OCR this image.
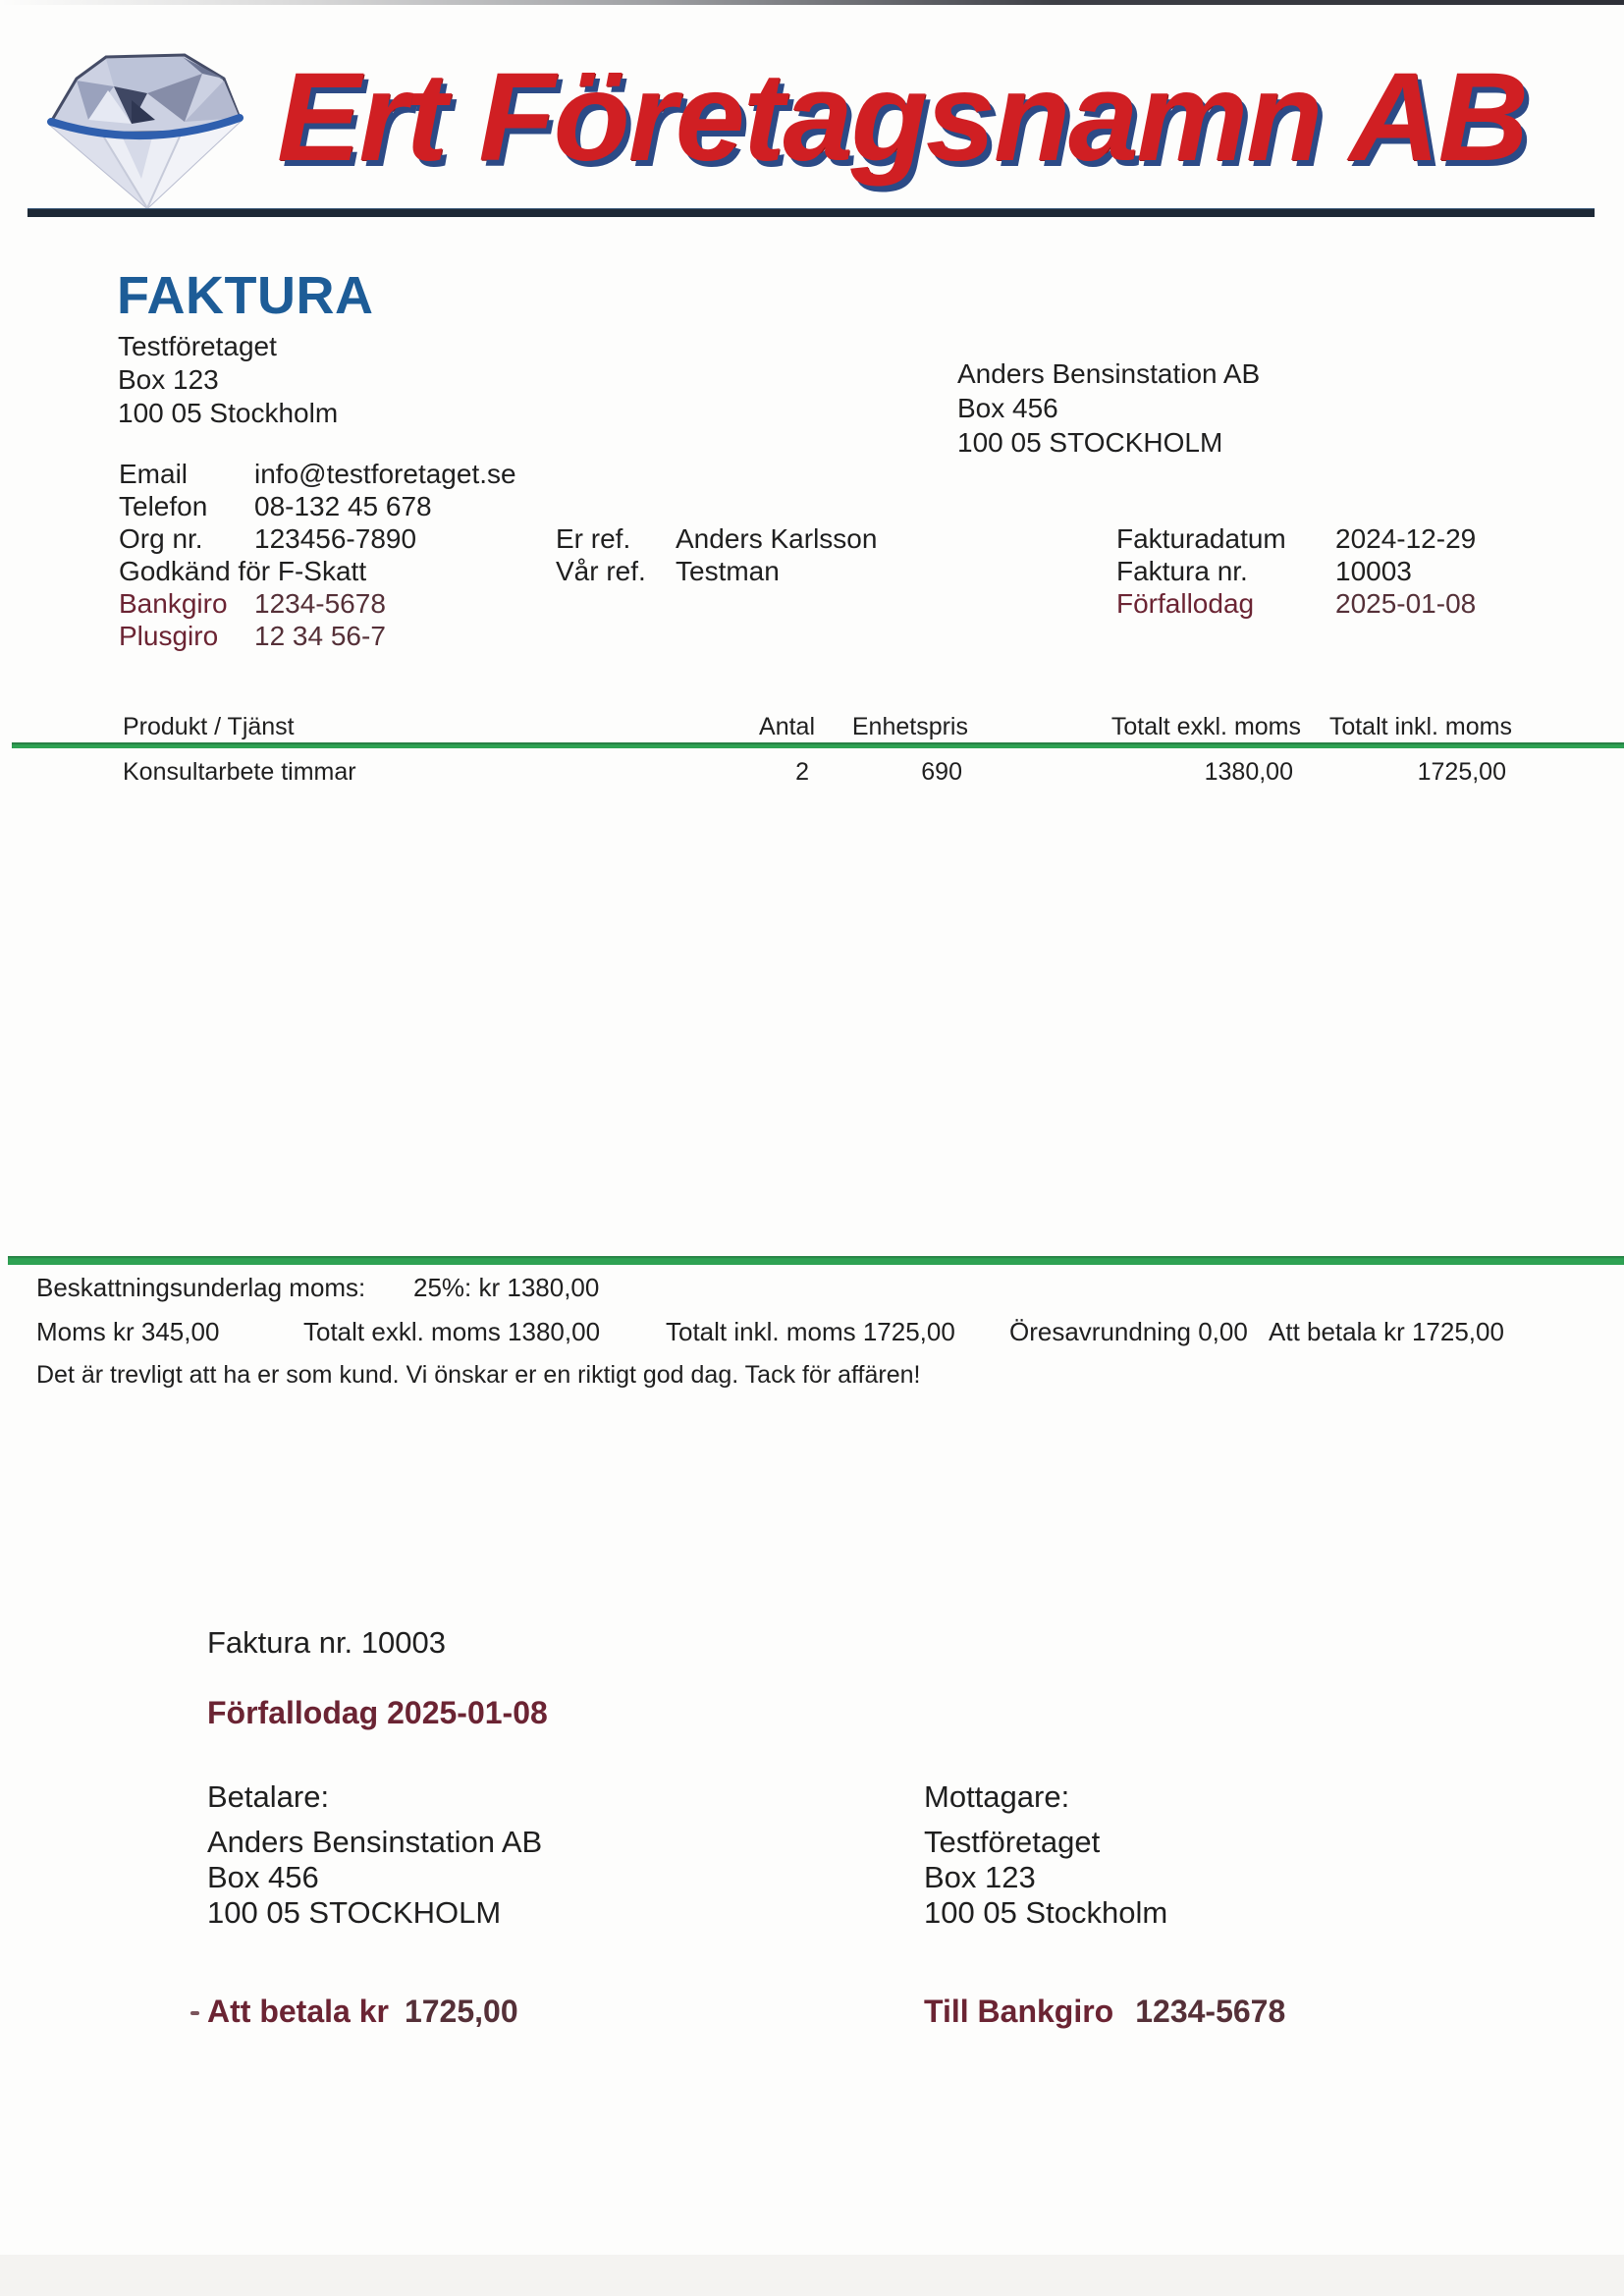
Ert Företagsnamn AB
FAKTURA
Testföretaget
Box 123
100 05 Stockholm
Anders Bensinstation AB
Box 456
100 05 STOCKHOLM
Email	info@testforetaget.se
Telefon	08-132 45 678
Org nr.	123456-7890
Godkänd för F-Skatt
Bankgiro 1234-5678
Plusgiro	12 34 56-7
Er ref.	Anders Karlsson
Vår ref.	Testman
Fakturadatum	2024-12-29
Faktura nr.	10003
Förfallodag	2025-01-08
Produkt / Tjänst	Antal	Enhetspris	Totalt exkl. moms	Totalt inkl. moms
Konsultarbete timmar	2	690	1380,00	1725,00
Beskattningsunderlag moms: 25%: kr 1380,00
Moms kr 345,00	Totalt exkl. moms 1380,00	Totalt inkl. moms 1725,00 Öresavrundning 0,00 Att betala kr 1725,00
Det är trevligt att ha er som kund. Vi önskar er en riktigt god dag. Tack för affären!
Faktura nr. 10003
Förfallodag 2025-01-08
Betalare:	Mottagare:
Anders Bensinstation AB
Box 456
100 05 STOCKHOLM
Testföretaget
Box 123
100 05 Stockholm
Att betala kr 1725,00	Till Bankgiro 1234-5678
